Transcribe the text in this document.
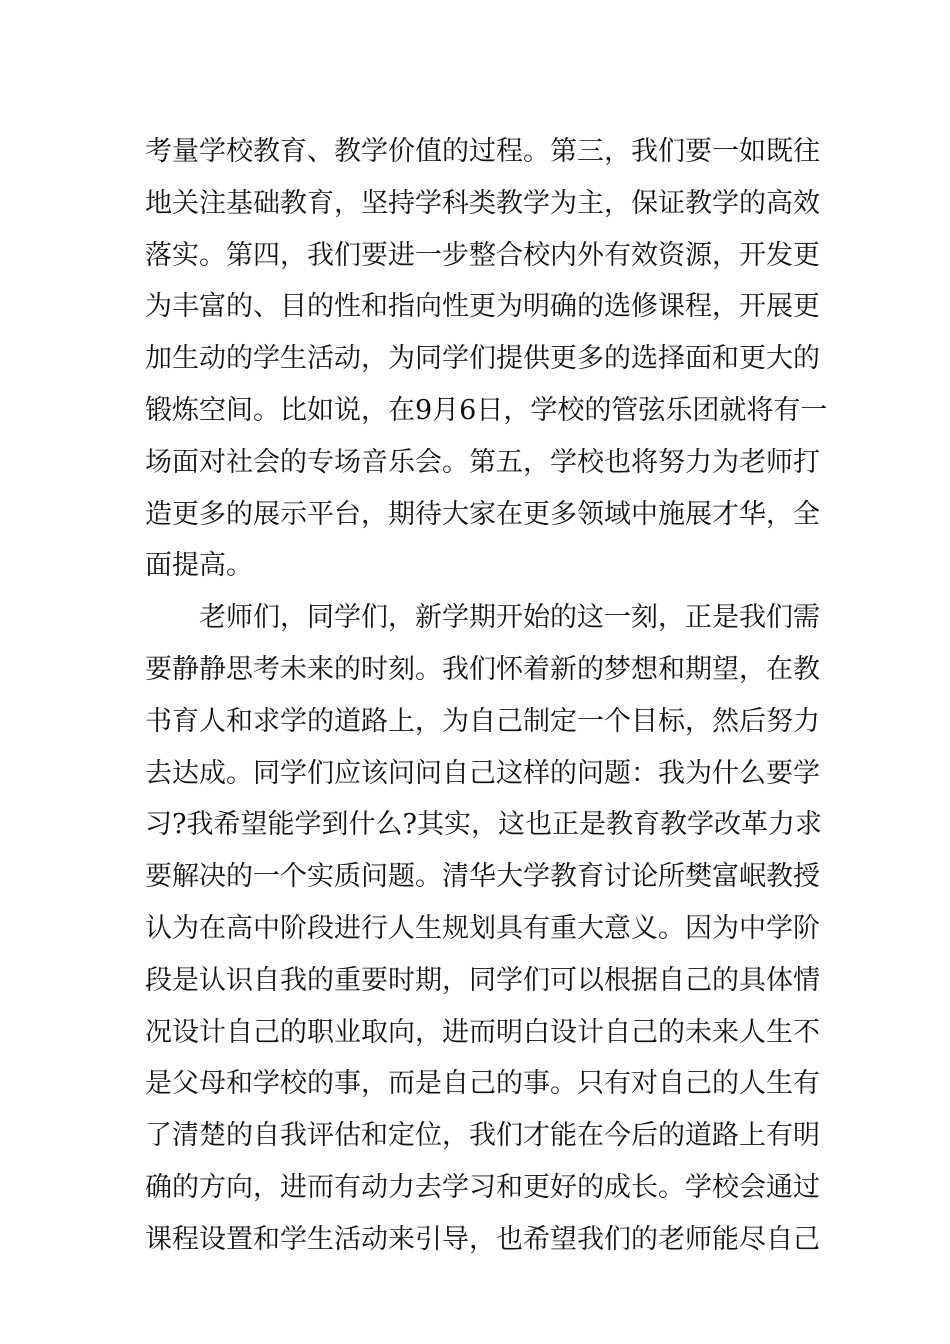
考量学校教育、教学价值的过程。第三，我们要一如既往
地关注基础教育，坚持学科类教学为主，保证教学的高效
落实。第四，我们要进一步整合校内外有效资源，开发更
为丰富的、目的性和指向性更为明确的选修课程，开展更
加生动的学生活动，为同学们提供更多的选择面和更大的
锻炼空间。比如说，在9月6日，学校的管弦乐团就将有一
场面对社会的专场音乐会。第五，学校也将努力为老师打
造更多的展示平台，期待大家在更多领域中施展才华，全
面提高。
老师们，同学们，新学期开始的这一刻，正是我们需
要静静思考未来的时刻。我们怀着新的梦想和期望，在教
书育人和求学的道路上，为自己制定一个目标，然后努力
去达成。同学们应该问问自己这样的问题：我为什么要学
习?我希望能学到什么?其实，这也正是教育教学改革力求
要解决的一个实质问题。清华大学教育讨论所樊富岷教授
认为在高中阶段进行人生规划具有重大意义。因为中学阶
段是认识自我的重要时期，同学们可以根据自己的具体情
况设计自己的职业取向，进而明白设计自己的未来人生不
是父母和学校的事，而是自己的事。只有对自己的人生有
了清楚的自我评估和定位，我们才能在今后的道路上有明
确的方向，进而有动力去学习和更好的成长。学校会通过
课程设置和学生活动来引导，也希望我们的老师能尽自己
